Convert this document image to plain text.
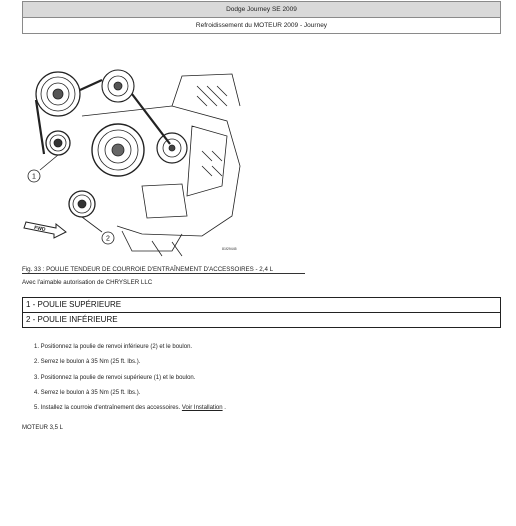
Dodge Journey SE 2009
Refroidissement du MOTEUR 2009 - Journey
1
2
FWD
81f29445
Fig. 33 : POULIE TENDEUR DE COURROIE D'ENTRAÎNEMENT D'ACCESSOIRES - 2,4 L
Avec l'aimable autorisation de CHRYSLER LLC
1 - POULIE SUPÉRIEURE
2 - POULIE INFÉRIEURE
1. Positionnez la poulie de renvoi inférieure (2) et le boulon.
2. Serrez le boulon à 35 Nm (25 ft. lbs.).
3. Positionnez la poulie de renvoi supérieure (1) et le boulon.
4. Serrez le boulon à 35 Nm (25 ft. lbs.).
5. Installez la courroie d'entraînement des accessoires. Voir Installation .
MOTEUR 3,5 L
